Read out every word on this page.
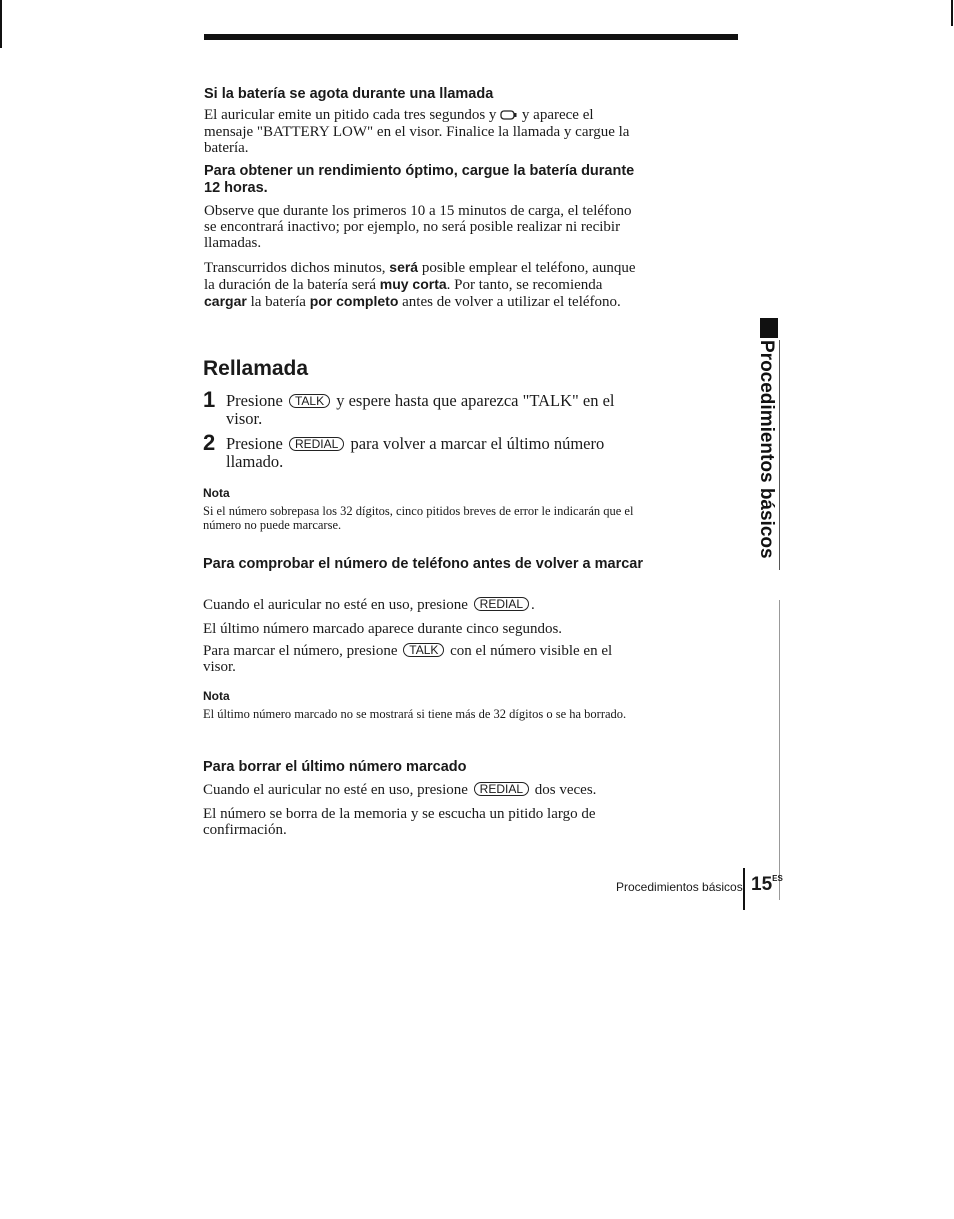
Si la batería se agota durante una llamada
El auricular emite un pitido cada tres segundos y y aparece el mensaje "BATTERY LOW" en el visor. Finalice la llamada y cargue la batería.
Para obtener un rendimiento óptimo, cargue la batería durante 12 horas.
Observe que durante los primeros 10 a 15 minutos de carga, el teléfono se encontrará inactivo; por ejemplo, no será posible realizar ni recibir llamadas.
Transcurridos dichos minutos, será posible emplear el teléfono, aunque la duración de la batería será muy corta. Por tanto, se recomienda cargar la batería por completo antes de volver a utilizar el teléfono.
Rellamada
1 Presione TALK y espere hasta que aparezca "TALK" en el visor.
2 Presione REDIAL para volver a marcar el último número llamado.
Nota
Si el número sobrepasa los 32 dígitos, cinco pitidos breves de error le indicarán que el número no puede marcarse.
Para comprobar el número de teléfono antes de volver a marcar
Cuando el auricular no esté en uso, presione REDIAL .
El último número marcado aparece durante cinco segundos.
Para marcar el número, presione TALK con el número visible en el visor.
Nota
El último número marcado no se mostrará si tiene más de 32 dígitos o se ha borrado.
Para borrar el último número marcado
Cuando el auricular no esté en uso, presione REDIAL dos veces.
El número se borra de la memoria y se escucha un pitido largo de confirmación.
Procedimientos básicos
Procedimientos básicos $15^{ES}$
